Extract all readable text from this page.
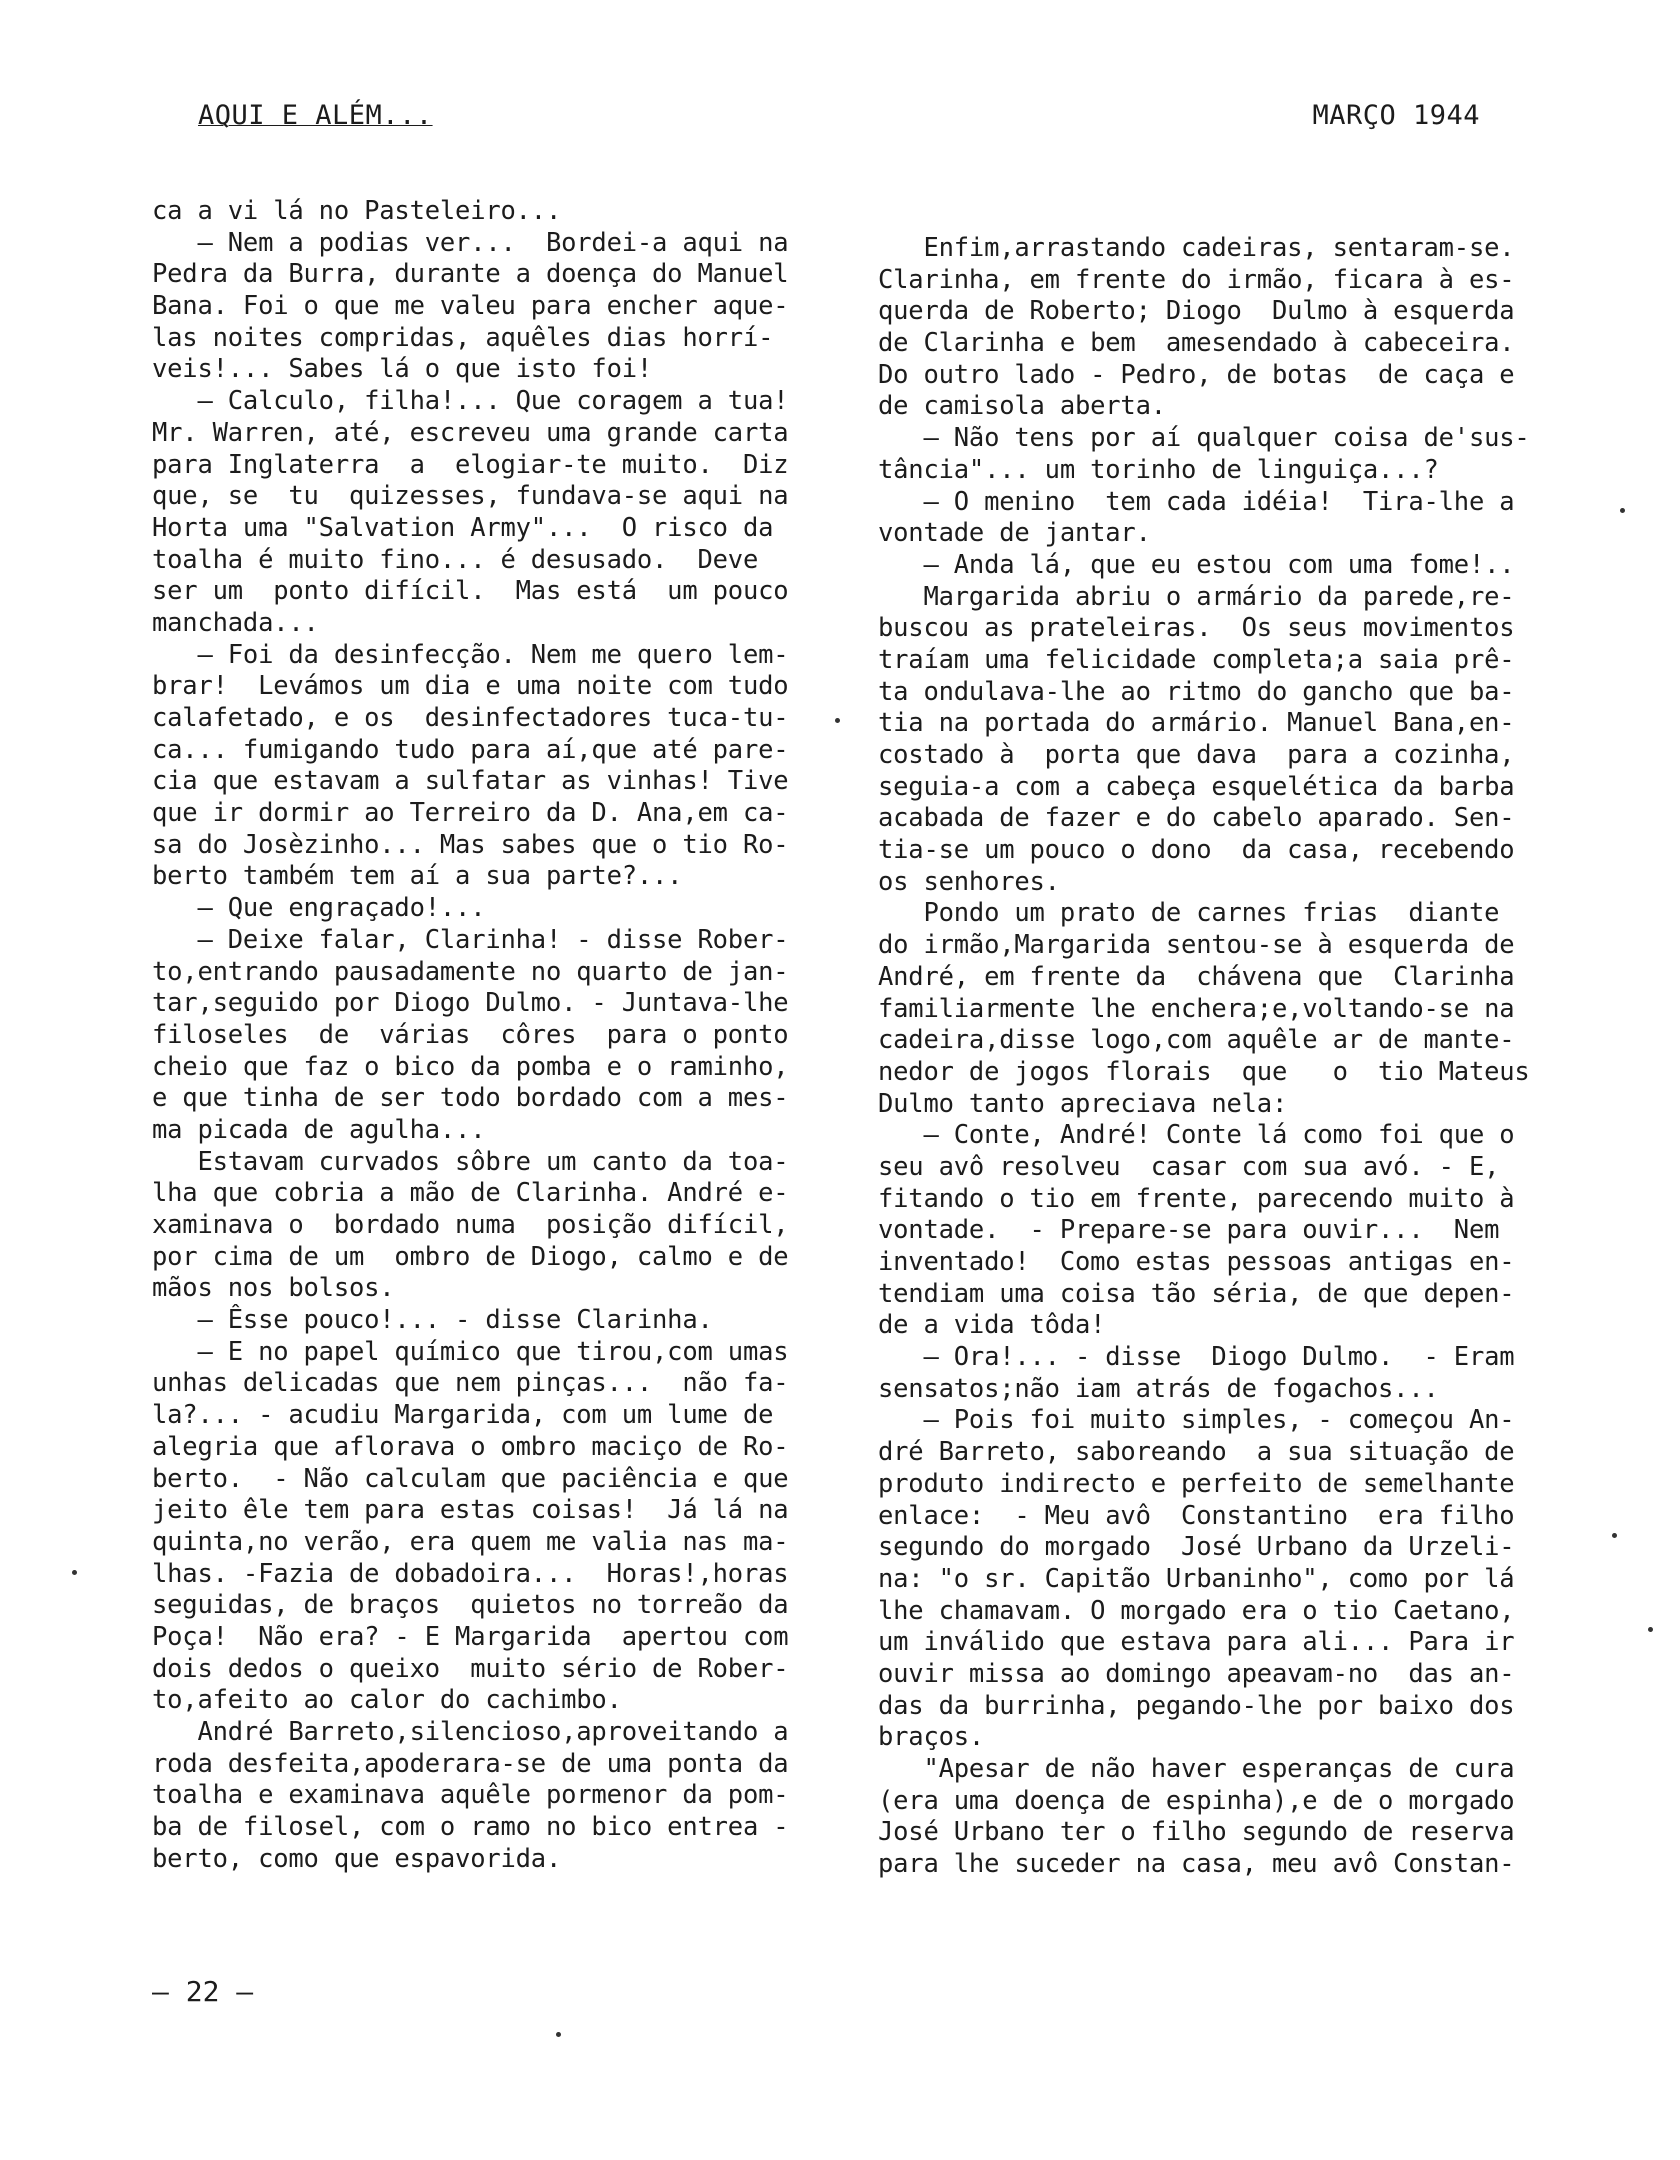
AQUI E ALÉM...	MARÇO 1944
ca a vi lá no Pasteleiro...
— Nem a podias ver...  Bordei-a aqui na
Pedra da Burra, durante a doença do Manuel
Bana. Foi o que me valeu para encher aque-
las noites compridas, aquêles dias horrí-
veis!... Sabes lá o que isto foi!
— Calculo, filha!... Que coragem a tua!
Mr. Warren, até, escreveu uma grande carta
para Inglaterra  a  elogiar-te muito.  Diz
que, se  tu  quizesses, fundava-se aqui na
Horta uma "Salvation Army"...  O risco da
toalha é muito fino... é desusado.  Deve
ser um  ponto difícil.  Mas está  um pouco
manchada...
— Foi da desinfecção. Nem me quero lem-
brar!  Levámos um dia e uma noite com tudo
calafetado, e os  desinfectadores tuca-tu-
ca... fumigando tudo para aí,que até pare-
cia que estavam a sulfatar as vinhas! Tive
que ir dormir ao Terreiro da D. Ana,em ca-
sa do Josèzinho... Mas sabes que o tio Ro-
berto também tem aí a sua parte?...
— Que engraçado!...
— Deixe falar, Clarinha! - disse Rober-
to,entrando pausadamente no quarto de jan-
tar,seguido por Diogo Dulmo. - Juntava-lhe
filoseles  de  várias  côres  para o ponto
cheio que faz o bico da pomba e o raminho,
e que tinha de ser todo bordado com a mes-
ma picada de agulha...
Estavam curvados sôbre um canto da toa-
lha que cobria a mão de Clarinha. André e-
xaminava o  bordado numa  posição difícil,
por cima de um  ombro de Diogo, calmo e de
mãos nos bolsos.
— Êsse pouco!... - disse Clarinha.
— E no papel químico que tirou,com umas
unhas delicadas que nem pinças...  não fa-
la?... - acudiu Margarida, com um lume de
alegria que aflorava o ombro maciço de Ro-
berto.  - Não calculam que paciência e que
jeito êle tem para estas coisas!  Já lá na
quinta,no verão, era quem me valia nas ma-
lhas. -Fazia de dobadoira...  Horas!,horas
seguidas, de braços  quietos no torreão da
Poça!  Não era? - E Margarida  apertou com
dois dedos o queixo  muito sério de Rober-
to,afeito ao calor do cachimbo.
André Barreto,silencioso,aproveitando a
roda desfeita,apoderara-se de uma ponta da
toalha e examinava aquêle pormenor da pom-
ba de filosel, com o ramo no bico entrea -
berto, como que espavorida.
Enfim,arrastando cadeiras, sentaram-se.
Clarinha, em frente do irmão, ficara à es-
querda de Roberto; Diogo  Dulmo à esquerda
de Clarinha e bem  amesendado à cabeceira.
Do outro lado - Pedro, de botas  de caça e
de camisola aberta.
— Não tens por aí qualquer coisa de'sus-
tância"... um torinho de linguiça...?
— O menino  tem cada idéia!  Tira-lhe a
vontade de jantar.
— Anda lá, que eu estou com uma fome!..
Margarida abriu o armário da parede,re-
buscou as prateleiras.  Os seus movimentos
traíam uma felicidade completa;a saia prê-
ta ondulava-lhe ao ritmo do gancho que ba-
tia na portada do armário. Manuel Bana,en-
costado à  porta que dava  para a cozinha,
seguia-a com a cabeça esquelética da barba
acabada de fazer e do cabelo aparado. Sen-
tia-se um pouco o dono  da casa, recebendo
os senhores.
Pondo um prato de carnes frias  diante
do irmão,Margarida sentou-se à esquerda de
André, em frente da  chávena que  Clarinha
familiarmente lhe enchera;e,voltando-se na
cadeira,disse logo,com aquêle ar de mante-
nedor de jogos florais  que   o  tio Mateus
Dulmo tanto apreciava nela:
— Conte, André! Conte lá como foi que o
seu avô resolveu  casar com sua avó. - E,
fitando o tio em frente, parecendo muito à
vontade.  - Prepare-se para ouvir...  Nem
inventado!  Como estas pessoas antigas en-
tendiam uma coisa tão séria, de que depen-
de a vida tôda!
— Ora!... - disse  Diogo Dulmo.  - Eram
sensatos;não iam atrás de fogachos...
— Pois foi muito simples, - começou An-
dré Barreto, saboreando  a sua situação de
produto indirecto e perfeito de semelhante
enlace:  - Meu avô  Constantino  era filho
segundo do morgado  José Urbano da Urzeli-
na: "o sr. Capitão Urbaninho", como por lá
lhe chamavam. O morgado era o tio Caetano,
um inválido que estava para ali... Para ir
ouvir missa ao domingo apeavam-no  das an-
das da burrinha, pegando-lhe por baixo dos
braços.
"Apesar de não haver esperanças de cura
(era uma doença de espinha),e de o morgado
José Urbano ter o filho segundo de reserva
para lhe suceder na casa, meu avô Constan-
— 22 —
